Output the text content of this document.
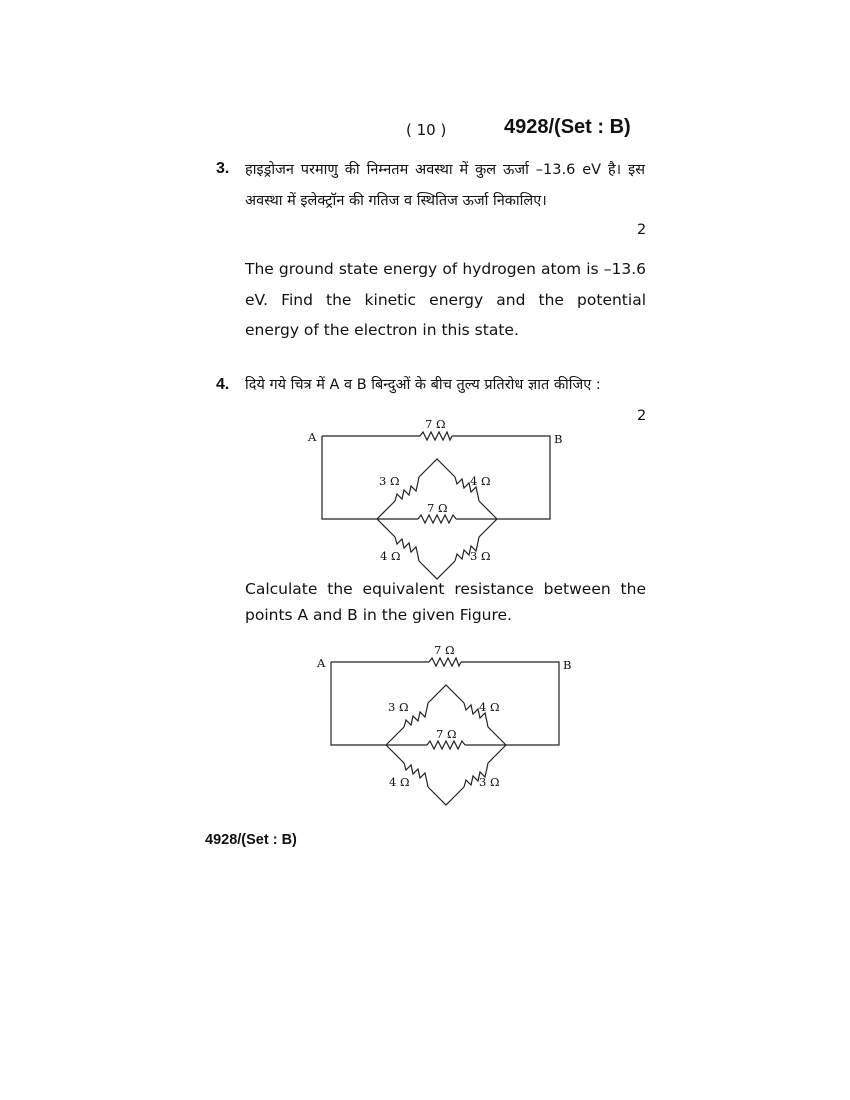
( 10 )	4928/(Set : B)
3. हाइड्रोजन परमाणु की निम्नतम अवस्था में कुल ऊर्जा –13.6 eV है। इस अवस्था में इलेक्ट्रॉन की गतिज व स्थितिज ऊर्जा निकालिए।
2
The ground state energy of hydrogen atom is –13.6 eV. Find the kinetic energy and the potential energy of the electron in this state.
4. दिये गये चित्र में A व B बिन्दुओं के बीच तुल्य प्रतिरोध ज्ञात कीजिए :
2
A	B
7 Ω
3 Ω	4 Ω
7 Ω
4 Ω	3 Ω
Calculate the equivalent resistance between the points A and B in the given Figure.
A	B
7 Ω
3 Ω	4 Ω
7 Ω
4 Ω	3 Ω
4928/(Set : B)
